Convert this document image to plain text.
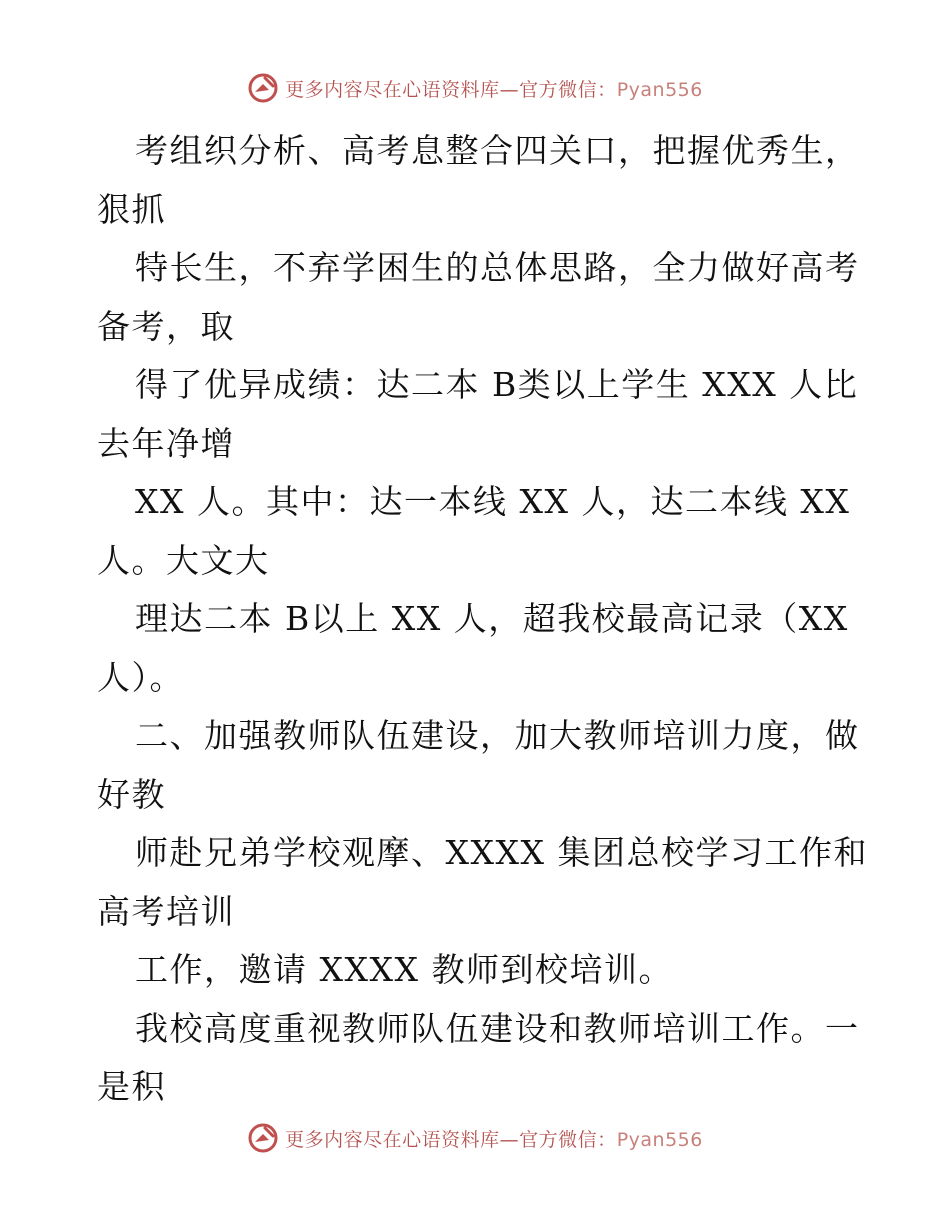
更多内容尽在心语资料库—官方微信：Pyan556
考组织分析、高考息整合四关口，把握优秀生，
狠抓
特长生，不弃学困生的总体思路，全力做好高考
备考，取
得了优异成绩：达二本 B类以上学生 XXX 人比
去年净增
XX 人。其中：达一本线 XX 人，达二本线 XX
人。大文大
理达二本 B以上 XX 人，超我校最高记录（XX
人）。
二、加强教师队伍建设，加大教师培训力度，做
好教
师赴兄弟学校观摩、XXXX 集团总校学习工作和
高考培训
工作，邀请 XXXX 教师到校培训。
我校高度重视教师队伍建设和教师培训工作。一
是积
更多内容尽在心语资料库—官方微信：Pyan556
